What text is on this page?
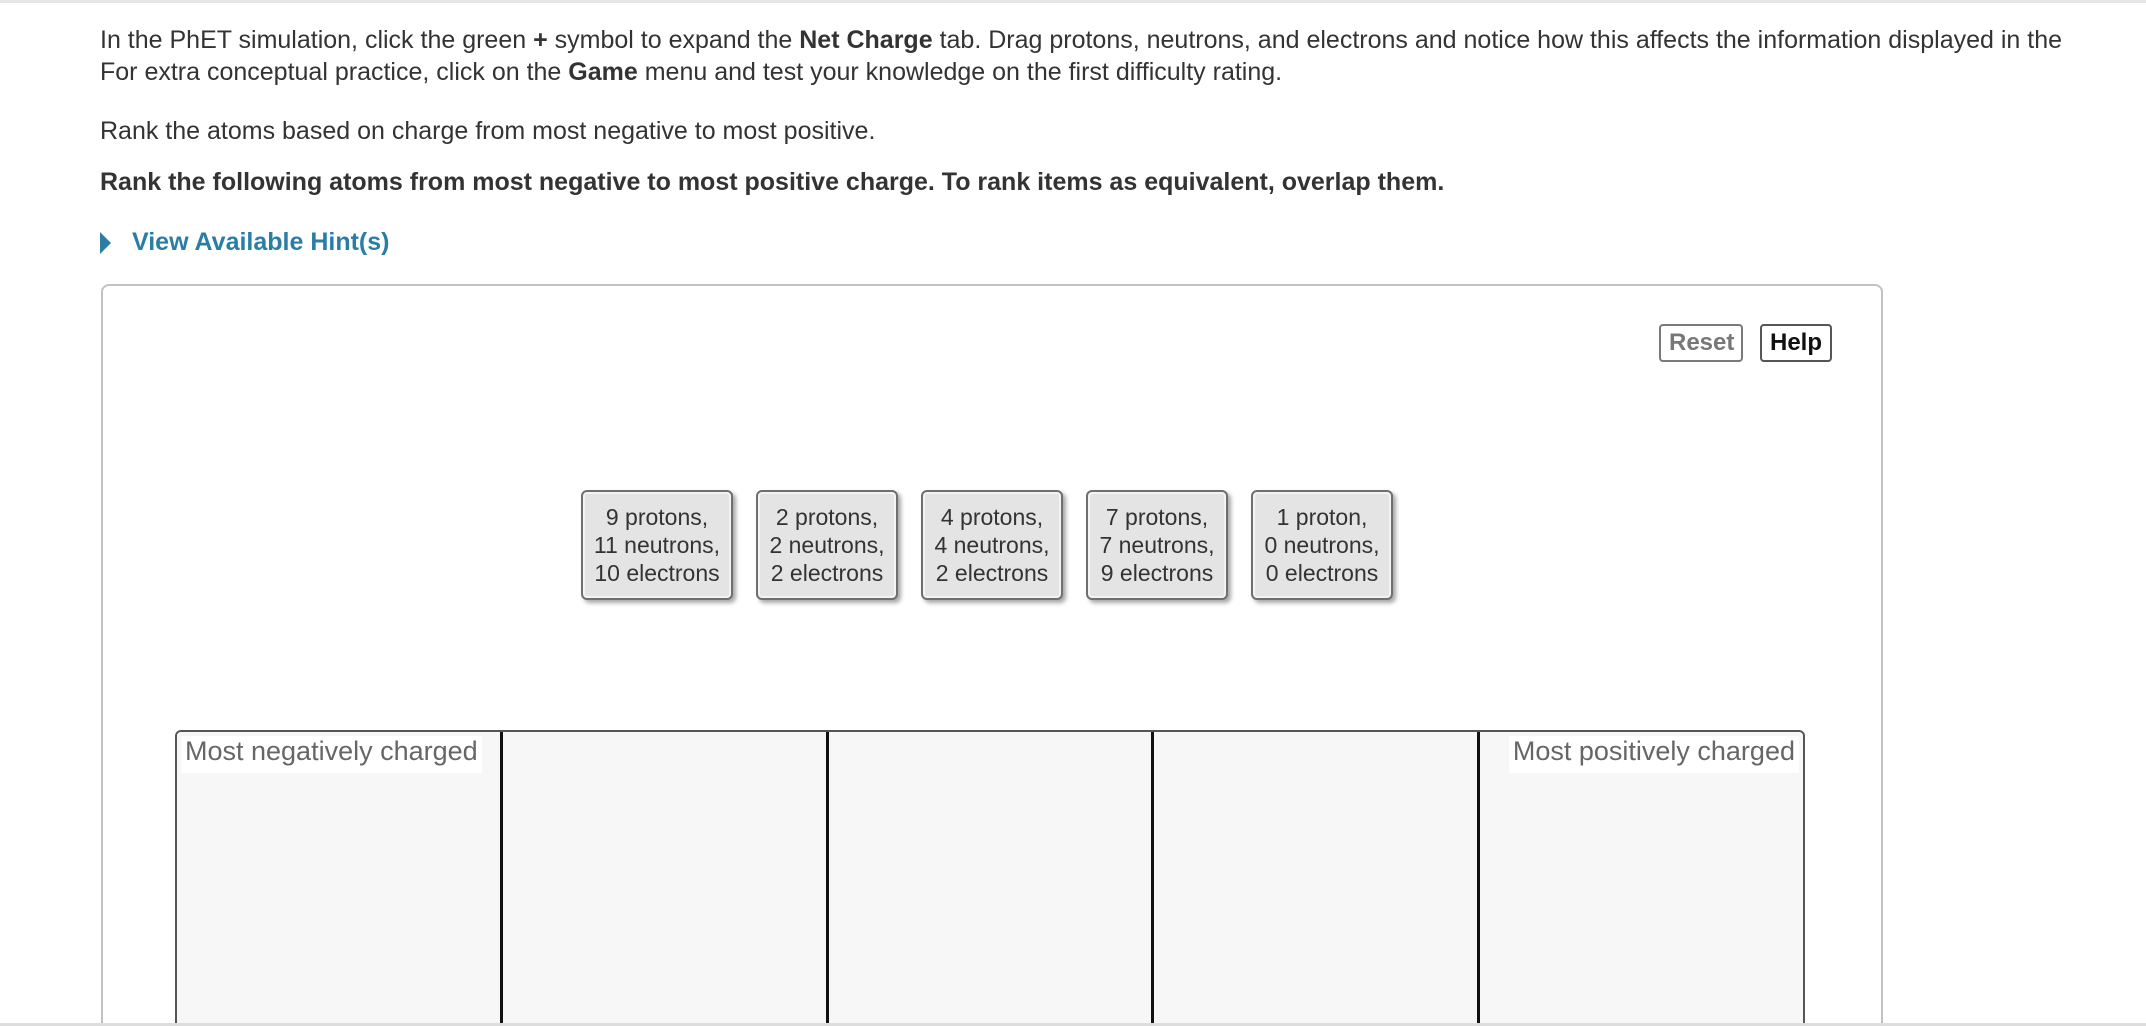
In the PhET simulation, click the green + symbol to expand the Net Charge tab. Drag protons, neutrons, and electrons and notice how this affects the information displayed in the
For extra conceptual practice, click on the Game menu and test your knowledge on the first difficulty rating.
Rank the atoms based on charge from most negative to most positive.
Rank the following atoms from most negative to most positive charge. To rank items as equivalent, overlap them.
View Available Hint(s)
Reset	Help
9 protons,
11 neutrons,
10 electrons
2 protons,
2 neutrons,
2 electrons
4 protons,
4 neutrons,
2 electrons
7 protons,
7 neutrons,
9 electrons
1 proton,
0 neutrons,
0 electrons
Most negatively charged	Most positively charged
